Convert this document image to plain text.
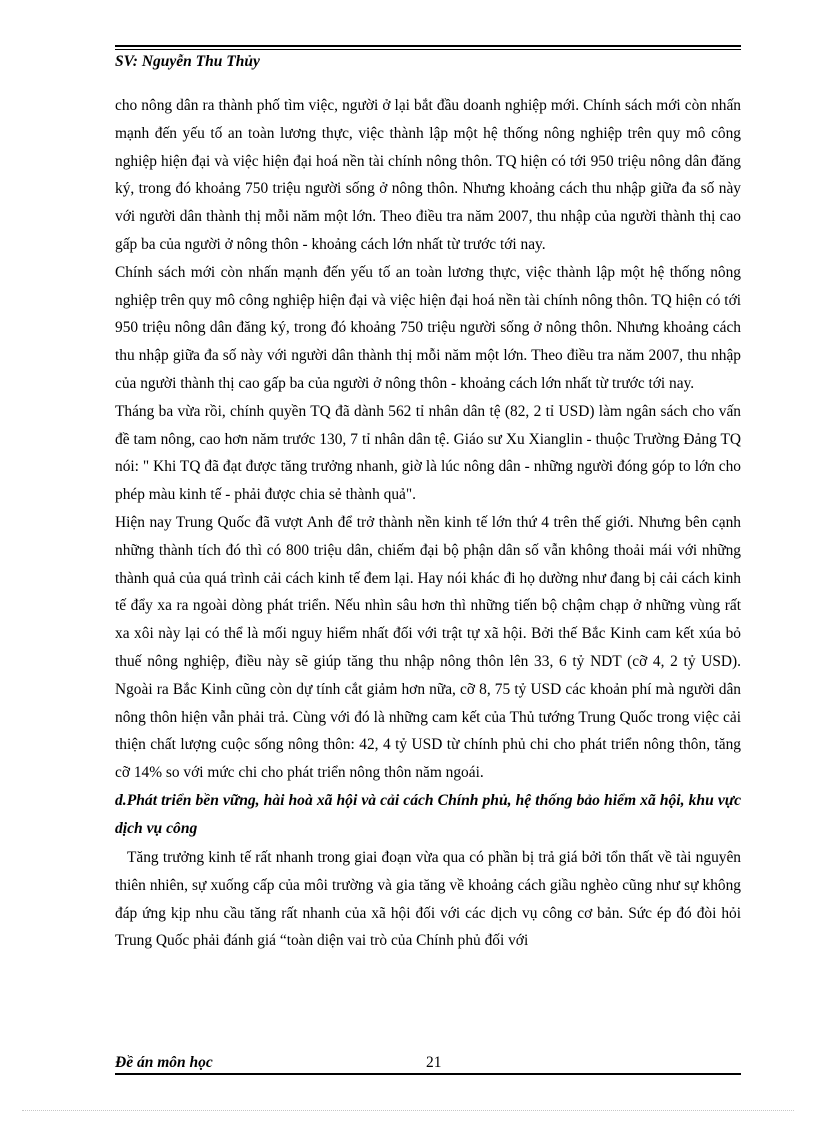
SV: Nguyễn Thu Thủy

cho nông dân ra thành phố tìm việc, người ở lại bắt đầu doanh nghiệp mới. Chính sách mới còn nhấn mạnh đến yếu tố an toàn lương thực, việc thành lập một hệ thống nông nghiệp trên quy mô công nghiệp hiện đại và việc hiện đại hoá nền tài chính nông thôn. TQ hiện có tới 950 triệu nông dân đăng ký, trong đó khoảng 750 triệu người sống ở nông thôn. Nhưng khoảng cách thu nhập giữa đa số này với người dân thành thị mỗi năm một lớn. Theo điều tra năm 2007, thu nhập của người thành thị cao gấp ba của người ở nông thôn - khoảng cách lớn nhất từ trước tới nay.

Chính sách mới còn nhấn mạnh đến yếu tố an toàn lương thực, việc thành lập một hệ thống nông nghiệp trên quy mô công nghiệp hiện đại và việc hiện đại hoá nền tài chính nông thôn. TQ hiện có tới 950 triệu nông dân đăng ký, trong đó khoảng 750 triệu người sống ở nông thôn. Nhưng khoảng cách thu nhập giữa đa số này với người dân thành thị mỗi năm một lớn. Theo điều tra năm 2007, thu nhập của người thành thị cao gấp ba của người ở nông thôn - khoảng cách lớn nhất từ trước tới nay.

Tháng ba vừa rồi, chính quyền TQ đã dành 562 tỉ nhân dân tệ (82, 2 tỉ USD) làm ngân sách cho vấn đề tam nông, cao hơn năm trước 130, 7 tỉ nhân dân tệ. Giáo sư Xu Xianglin - thuộc Trường Đảng TQ nói: " Khi TQ đã đạt được tăng trưởng nhanh, giờ là lúc nông dân - những người đóng góp to lớn cho phép màu kinh tế - phải được chia sẻ thành quả".

Hiện nay Trung Quốc đã vượt Anh để trở thành nền kinh tế lớn thứ 4 trên thế giới. Nhưng bên cạnh những thành tích đó thì có 800 triệu dân, chiếm đại bộ phận dân số vẫn không thoải mái với những thành quả của quá trình cải cách kinh tế đem lại. Hay nói khác đi họ dường như đang bị cải cách kinh tế đẩy xa ra ngoài dòng phát triển. Nếu nhìn sâu hơn thì những tiến bộ chậm chạp ở những vùng rất xa xôi này lại có thể là mối nguy hiểm nhất đối với trật tự xã hội. Bởi thế Bắc Kinh cam kết xúa bỏ thuế nông nghiệp, điều này sẽ giúp tăng thu nhập nông thôn lên 33, 6 tỷ NDT (cỡ 4, 2 tỷ USD). Ngoài ra Bắc Kinh cũng còn dự tính cắt giảm hơn nữa, cỡ 8, 75 tỷ USD các khoản phí mà người dân nông thôn hiện vẫn phải trả. Cùng với đó là những cam kết của Thủ tướng Trung Quốc trong việc cải thiện chất lượng cuộc sống nông thôn: 42, 4 tỷ USD từ chính phủ chi cho phát triển nông thôn, tăng cỡ 14% so với mức chi cho phát triển nông thôn năm ngoái.

d.Phát triển bền vững, hài hoà xã hội và cải cách Chính phủ, hệ thống bảo hiểm xã hội, khu vực dịch vụ công

Tăng trưởng kinh tế rất nhanh trong giai đoạn vừa qua có phần bị trả giá bởi tổn thất về tài nguyên thiên nhiên, sự xuống cấp của môi trường và gia tăng về khoảng cách giầu nghèo cũng như sự không đáp ứng kịp nhu cầu tăng rất nhanh của xã hội đối với các dịch vụ công cơ bản. Sức ép đó đòi hỏi Trung Quốc phải đánh giá “toàn diện vai trò của Chính phủ đối với

Đề án môn học	21
